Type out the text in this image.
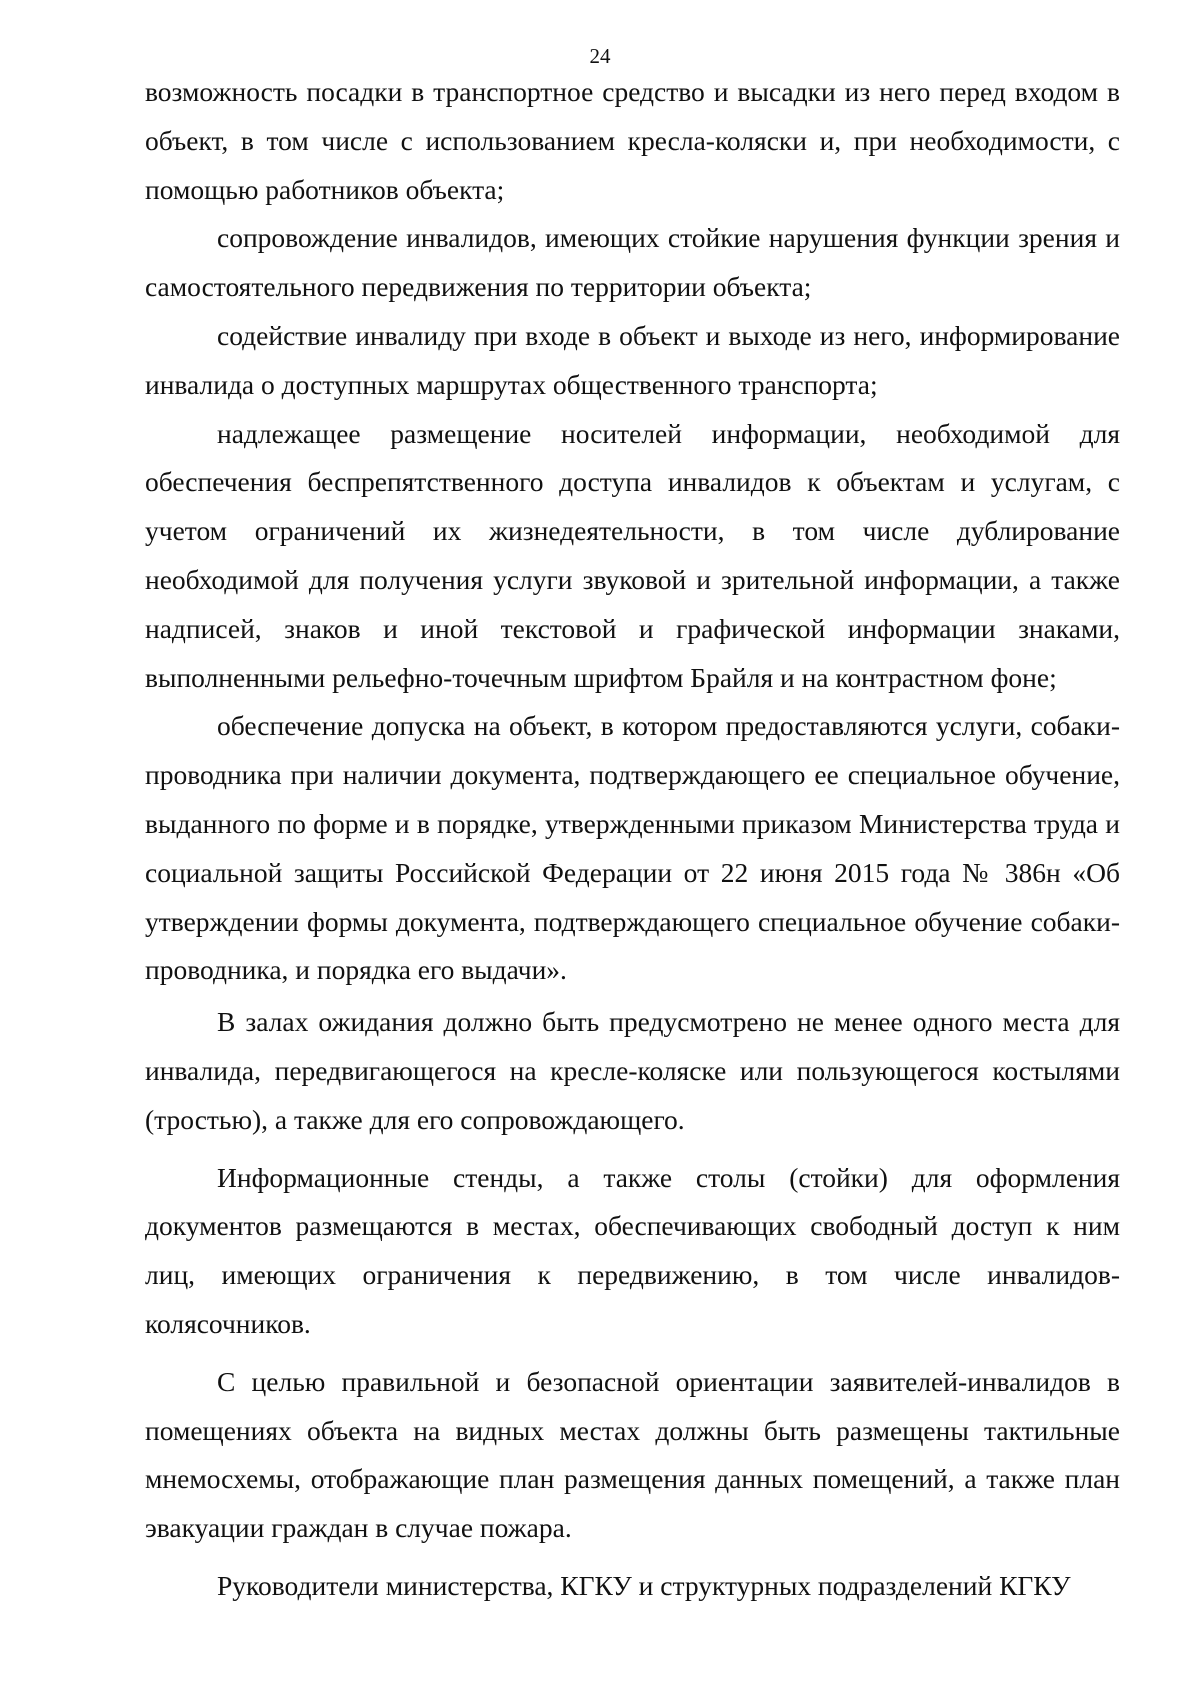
24

возможность посадки в транспортное средство и высадки из него перед входом в объект, в том числе с использованием кресла-коляски и, при необходимости, с помощью работников объекта;

сопровождение инвалидов, имеющих стойкие нарушения функции зрения и самостоятельного передвижения по территории объекта;

содействие инвалиду при входе в объект и выходе из него, информирование инвалида о доступных маршрутах общественного транспорта;

надлежащее размещение носителей информации, необходимой для обеспечения беспрепятственного доступа инвалидов к объектам и услугам, с учетом ограничений их жизнедеятельности, в том числе дублирование необходимой для получения услуги звуковой и зрительной информации, а также надписей, знаков и иной текстовой и графической информации знаками, выполненными рельефно-точечным шрифтом Брайля и на контрастном фоне;

обеспечение допуска на объект, в котором предоставляются услуги, собаки-проводника при наличии документа, подтверждающего ее специальное обучение, выданного по форме и в порядке, утвержденными приказом Министерства труда и социальной защиты Российской Федерации от 22 июня 2015 года № 386н «Об утверждении формы документа, подтверждающего специальное обучение собаки-проводника, и порядка его выдачи».

В залах ожидания должно быть предусмотрено не менее одного места для инвалида, передвигающегося на кресле-коляске или пользующегося костылями (тростью), а также для его сопровождающего.

Информационные стенды, а также столы (стойки) для оформления документов размещаются в местах, обеспечивающих свободный доступ к ним лиц, имеющих ограничения к передвижению, в том числе инвалидов-колясочников.

С целью правильной и безопасной ориентации заявителей-инвалидов в помещениях объекта на видных местах должны быть размещены тактильные мнемосхемы, отображающие план размещения данных помещений, а также план эвакуации граждан в случае пожара.

Руководители министерства, КГКУ и структурных подразделений КГКУ
